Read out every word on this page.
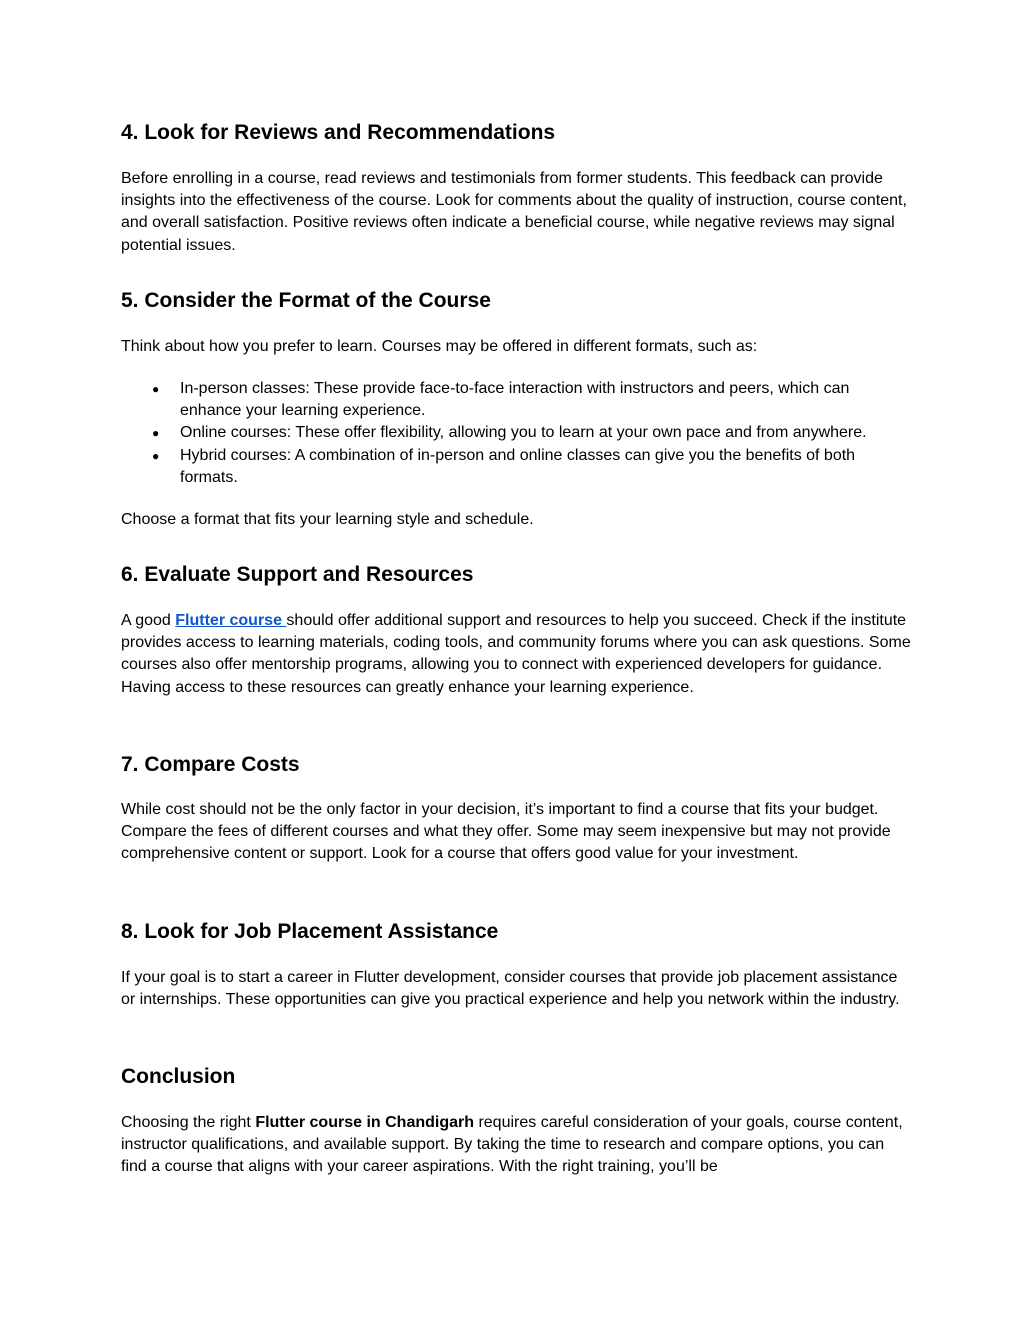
4. Look for Reviews and Recommendations

Before enrolling in a course, read reviews and testimonials from former students. This feedback can provide insights into the effectiveness of the course. Look for comments about the quality of instruction, course content, and overall satisfaction. Positive reviews often indicate a beneficial course, while negative reviews may signal potential issues.

5. Consider the Format of the Course

Think about how you prefer to learn. Courses may be offered in different formats, such as:

● In-person classes: These provide face-to-face interaction with instructors and peers, which can enhance your learning experience.
● Online courses: These offer flexibility, allowing you to learn at your own pace and from anywhere.
● Hybrid courses: A combination of in-person and online classes can give you the benefits of both formats.

Choose a format that fits your learning style and schedule.

6. Evaluate Support and Resources

A good Flutter course should offer additional support and resources to help you succeed. Check if the institute provides access to learning materials, coding tools, and community forums where you can ask questions. Some courses also offer mentorship programs, allowing you to connect with experienced developers for guidance. Having access to these resources can greatly enhance your learning experience.

7. Compare Costs

While cost should not be the only factor in your decision, it’s important to find a course that fits your budget. Compare the fees of different courses and what they offer. Some may seem inexpensive but may not provide comprehensive content or support. Look for a course that offers good value for your investment.

8. Look for Job Placement Assistance

If your goal is to start a career in Flutter development, consider courses that provide job placement assistance or internships. These opportunities can give you practical experience and help you network within the industry.

Conclusion

Choosing the right Flutter course in Chandigarh requires careful consideration of your goals, course content, instructor qualifications, and available support. By taking the time to research and compare options, you can find a course that aligns with your career aspirations. With the right training, you’ll be
